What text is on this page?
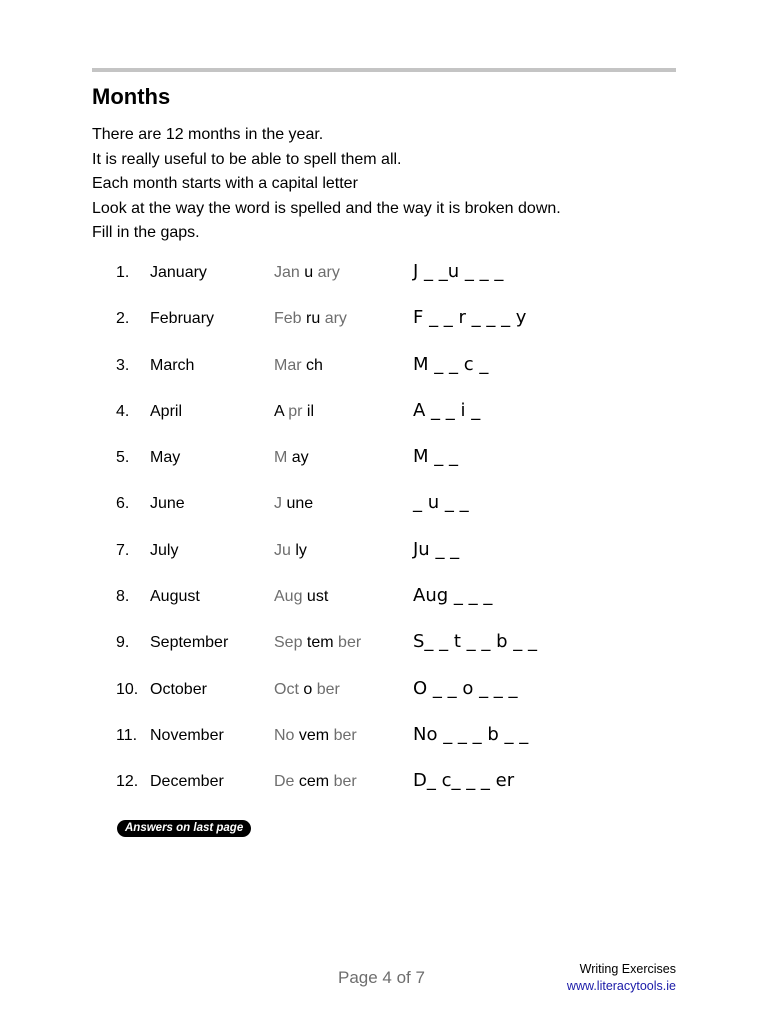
Months
There are 12 months in the year.
It is really useful to be able to spell them all.
Each month starts with a capital letter
Look at the way the word is spelled and the way it is broken down.
Fill in the gaps.
1. January	Jan u ary	J _ _u _ _ _
2. February	Feb ru ary	F _ _ r _ _ _ y
3. March	Mar ch	M _ _ c _
4. April	A pr il	A _ _ i _
5. May	M ay	M _ _
6. June	J une	_ u _ _
7. July	Ju ly	Ju _ _
8. August	Aug ust	Aug _ _ _
9. September	Sep tem ber	S_ _ t _ _ b _ _
10. October	Oct o ber	O _ _ o _ _ _
11. November	No vem ber	No _ _ _ b _ _
12. December	De cem ber	D_ c_ _ _ er
Answers on last page
Page 4 of 7	Writing Exercises
www.literacytools.ie
